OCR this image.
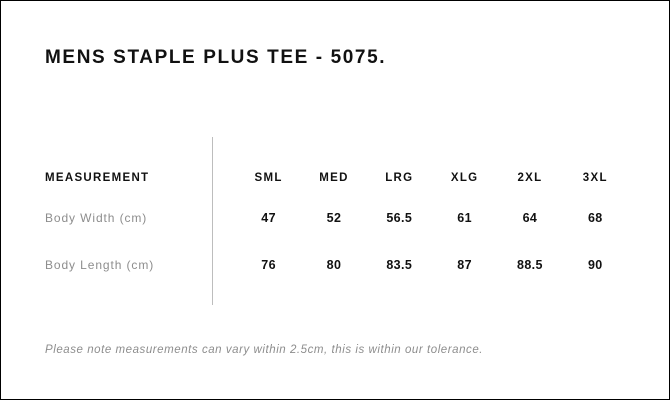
MENS STAPLE PLUS TEE - 5075.
MEASUREMENT	SML	MED	LRG	XLG	2XL	3XL
Body Width (cm)	47	52	56.5	61	64	68
Body Length (cm)	76	80	83.5	87	88.5	90
Please note measurements can vary within 2.5cm, this is within our tolerance.
